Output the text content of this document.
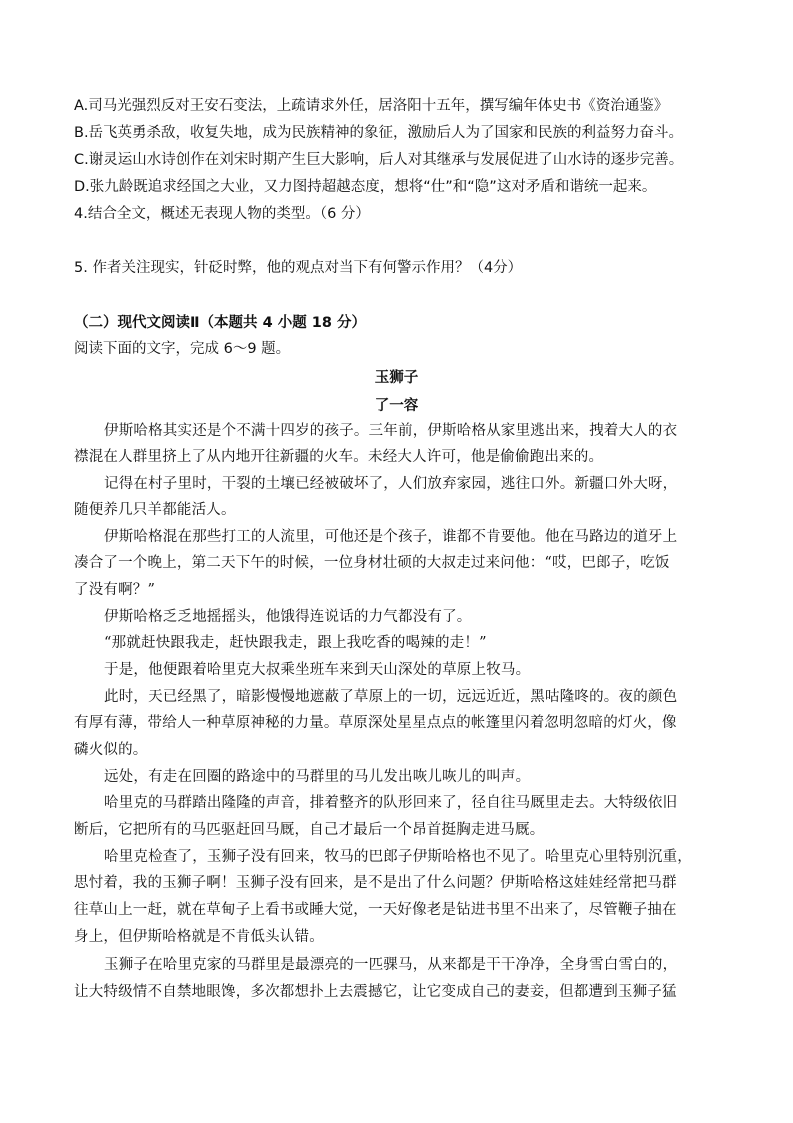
A.司马光强烈反对王安石变法，上疏请求外任，居洛阳十五年，撰写编年体史书《资治通鉴》
B.岳飞英勇杀敌，收复失地，成为民族精神的象征，激励后人为了国家和民族的利益努力奋斗。
C.谢灵运山水诗创作在刘宋时期产生巨大影响，后人对其继承与发展促进了山水诗的逐步完善。
D.张九龄既追求经国之大业，又力图持超越态度，想将“仕”和“隐”这对矛盾和谐统一起来。
4.结合全文，概述无表现人物的类型。（6 分）
5. 作者关注现实，针砭时弊，他的观点对当下有何警示作用？（4分）
（二）现代文阅读Ⅱ（本题共 4 小题 18 分）
阅读下面的文字，完成 6～9 题。
玉狮子
了一容
伊斯哈格其实还是个不满十四岁的孩子。三年前，伊斯哈格从家里逃出来，拽着大人的衣
襟混在人群里挤上了从内地开往新疆的火车。未经大人许可，他是偷偷跑出来的。
记得在村子里时，干裂的土壤已经被破坏了，人们放弃家园，逃往口外。新疆口外大呀，
随便养几只羊都能活人。
伊斯哈格混在那些打工的人流里，可他还是个孩子，谁都不肯要他。他在马路边的道牙上
凑合了一个晚上，第二天下午的时候，一位身材壮硕的大叔走过来问他：“哎，巴郎子，吃饭
了没有啊？”
伊斯哈格乏乏地摇摇头，他饿得连说话的力气都没有了。
“那就赶快跟我走，赶快跟我走，跟上我吃香的喝辣的走！”
于是，他便跟着哈里克大叔乘坐班车来到天山深处的草原上牧马。
此时，天已经黑了，暗影慢慢地遮蔽了草原上的一切，远远近近，黑咕隆咚的。夜的颜色
有厚有薄，带给人一种草原神秘的力量。草原深处星星点点的帐篷里闪着忽明忽暗的灯火，像
磷火似的。
远处，有走在回圈的路途中的马群里的马儿发出咴儿咴儿的叫声。
哈里克的马群踏出隆隆的声音，排着整齐的队形回来了，径自往马厩里走去。大特级依旧
断后，它把所有的马匹驱赶回马厩，自己才最后一个昂首挺胸走进马厩。
哈里克检查了，玉狮子没有回来，牧马的巴郎子伊斯哈格也不见了。哈里克心里特别沉重，
思忖着，我的玉狮子啊！玉狮子没有回来，是不是出了什么问题？伊斯哈格这娃娃经常把马群
往草山上一赶，就在草甸子上看书或睡大觉，一天好像老是钻进书里不出来了，尽管鞭子抽在
身上，但伊斯哈格就是不肯低头认错。
玉狮子在哈里克家的马群里是最漂亮的一匹骒马，从来都是干干净净，全身雪白雪白的，
让大特级情不自禁地眼馋，多次都想扑上去震撼它，让它变成自己的妻妾，但都遭到玉狮子猛
